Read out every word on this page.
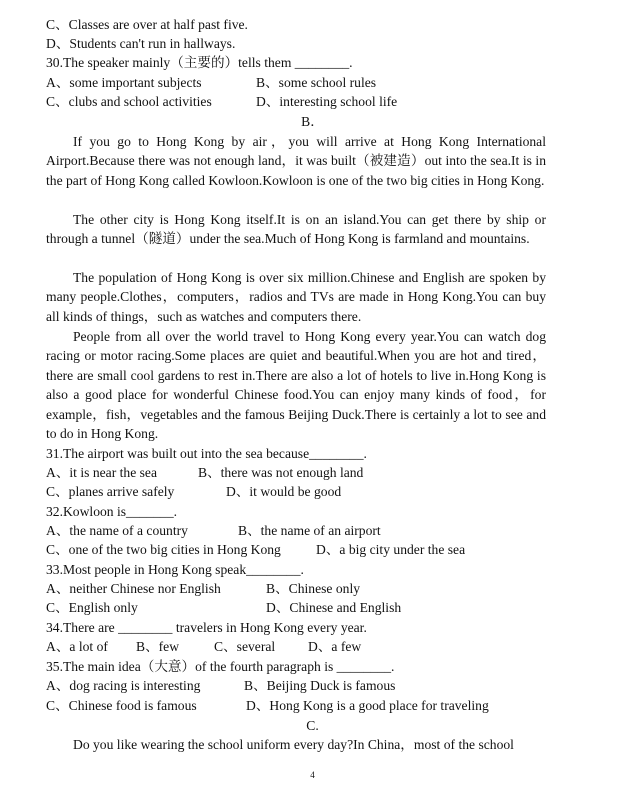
C、Classes are over at half past five.
D、Students can't run in hallways.
30.The speaker mainly（主要的）tells them ________.
A、some important subjects	B、some school rules
C、clubs and school activities	D、interesting school life
B．
If you go to Hong Kong by air，you will arrive at Hong Kong International Airport.Because there was not enough land，it was built（被建造）out into the sea.It is in the part of Hong Kong called Kowloon.Kowloon is one of the two big cities in Hong Kong.
The other city is Hong Kong itself.It is on an island.You can get there by ship or through a tunnel（隧道）under the sea.Much of Hong Kong is farmland and mountains.
The population of Hong Kong is over six million.Chinese and English are spoken by many people.Clothes，computers，radios and TVs are made in Hong Kong.You can buy all kinds of things，such as watches and computers there.
People from all over the world travel to Hong Kong every year.You can watch dog racing or motor racing.Some places are quiet and beautiful.When you are hot and tired，there are small cool gardens to rest in.There are also a lot of hotels to live in.Hong Kong is also a good place for wonderful Chinese food.You can enjoy many kinds of food，for example，fish，vegetables and the famous Beijing Duck.There is certainly a lot to see and to do in Hong Kong.
31.The airport was built out into the sea because________.
A、it is near the sea	B、there was not enough land
C、planes arrive safely	D、it would be good
32.Kowloon is_______.
A、the name of a country	B、the name of an airport
C、one of the two big cities in Hong Kong	D、a big city under the sea
33.Most people in Hong Kong speak________.
A、neither Chinese nor English	B、Chinese only
C、English only	D、Chinese and English
34.There are ________ travelers in Hong Kong every year.
A、a lot of B、few	C、several D、a few
35.The main idea（大意）of the fourth paragraph is ________.
A、dog racing is interesting	B、Beijing Duck is famous
C、Chinese food is famous	D、Hong Kong is a good place for traveling
C.
Do you like wearing the school uniform every day?In China，most of the school
4
